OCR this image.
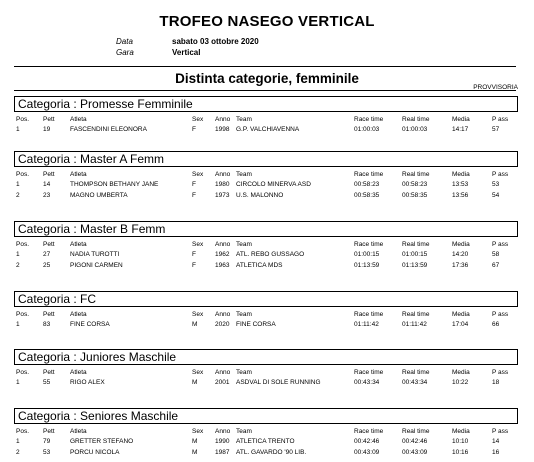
TROFEO NASEGO VERTICAL
Data	sabato 03 ottobre 2020
Gara	Vertical
Distinta categorie, femminile
PROVVISORIA
Categoria : Promesse Femminile
Pos. Pett Atleta	Sex Anno Team	Race time	Real time	Media	P ass
1	19	FASCENDINI ELEONORA	F	1998 G.P. VALCHIAVENNA	01:00:03	01:00:03	14:17	57
Categoria : Master A Femm
Pos. Pett Atleta	Sex Anno Team	Race time	Real time	Media	P ass
1	14	THOMPSON BETHANY JANE	F	1980 CIRCOLO MINERVA ASD	00:58:23	00:58:23	13:53	53
2	23	MAGNO UMBERTA	F	1973 U.S. MALONNO	00:58:35	00:58:35	13:56	54
Categoria : Master B Femm
Pos. Pett Atleta	Sex Anno Team	Race time	Real time	Media	P ass
1	27	NADIA TUROTTI	F	1962 ATL. REBO GUSSAGO	01:00:15	01:00:15	14:20	58
2	25	PIGONI CARMEN	F	1963 ATLETICA MDS	01:13:59	01:13:59	17:36	67
Categoria : FC
Pos. Pett Atleta	Sex Anno Team	Race time	Real time	Media	P ass
1	83	FINE CORSA	M	2020 FINE CORSA	01:11:42	01:11:42	17:04	66
Categoria : Juniores Maschile
Pos. Pett Atleta	Sex Anno Team	Race time	Real time	Media	P ass
1	55	RIGO ALEX	M	2001 ASDVAL DI SOLE RUNNING	00:43:34	00:43:34	10:22	18
Categoria : Seniores Maschile
Pos. Pett Atleta	Sex Anno Team	Race time	Real time	Media	P ass
1	79	GRETTER STEFANO	M	1990 ATLETICA TRENTO	00:42:46	00:42:46	10:10	14
2	53	PORCU NICOLA	M	1987 ATL. GAVARDO '90 LIB.	00:43:09	00:43:09	10:16	16
